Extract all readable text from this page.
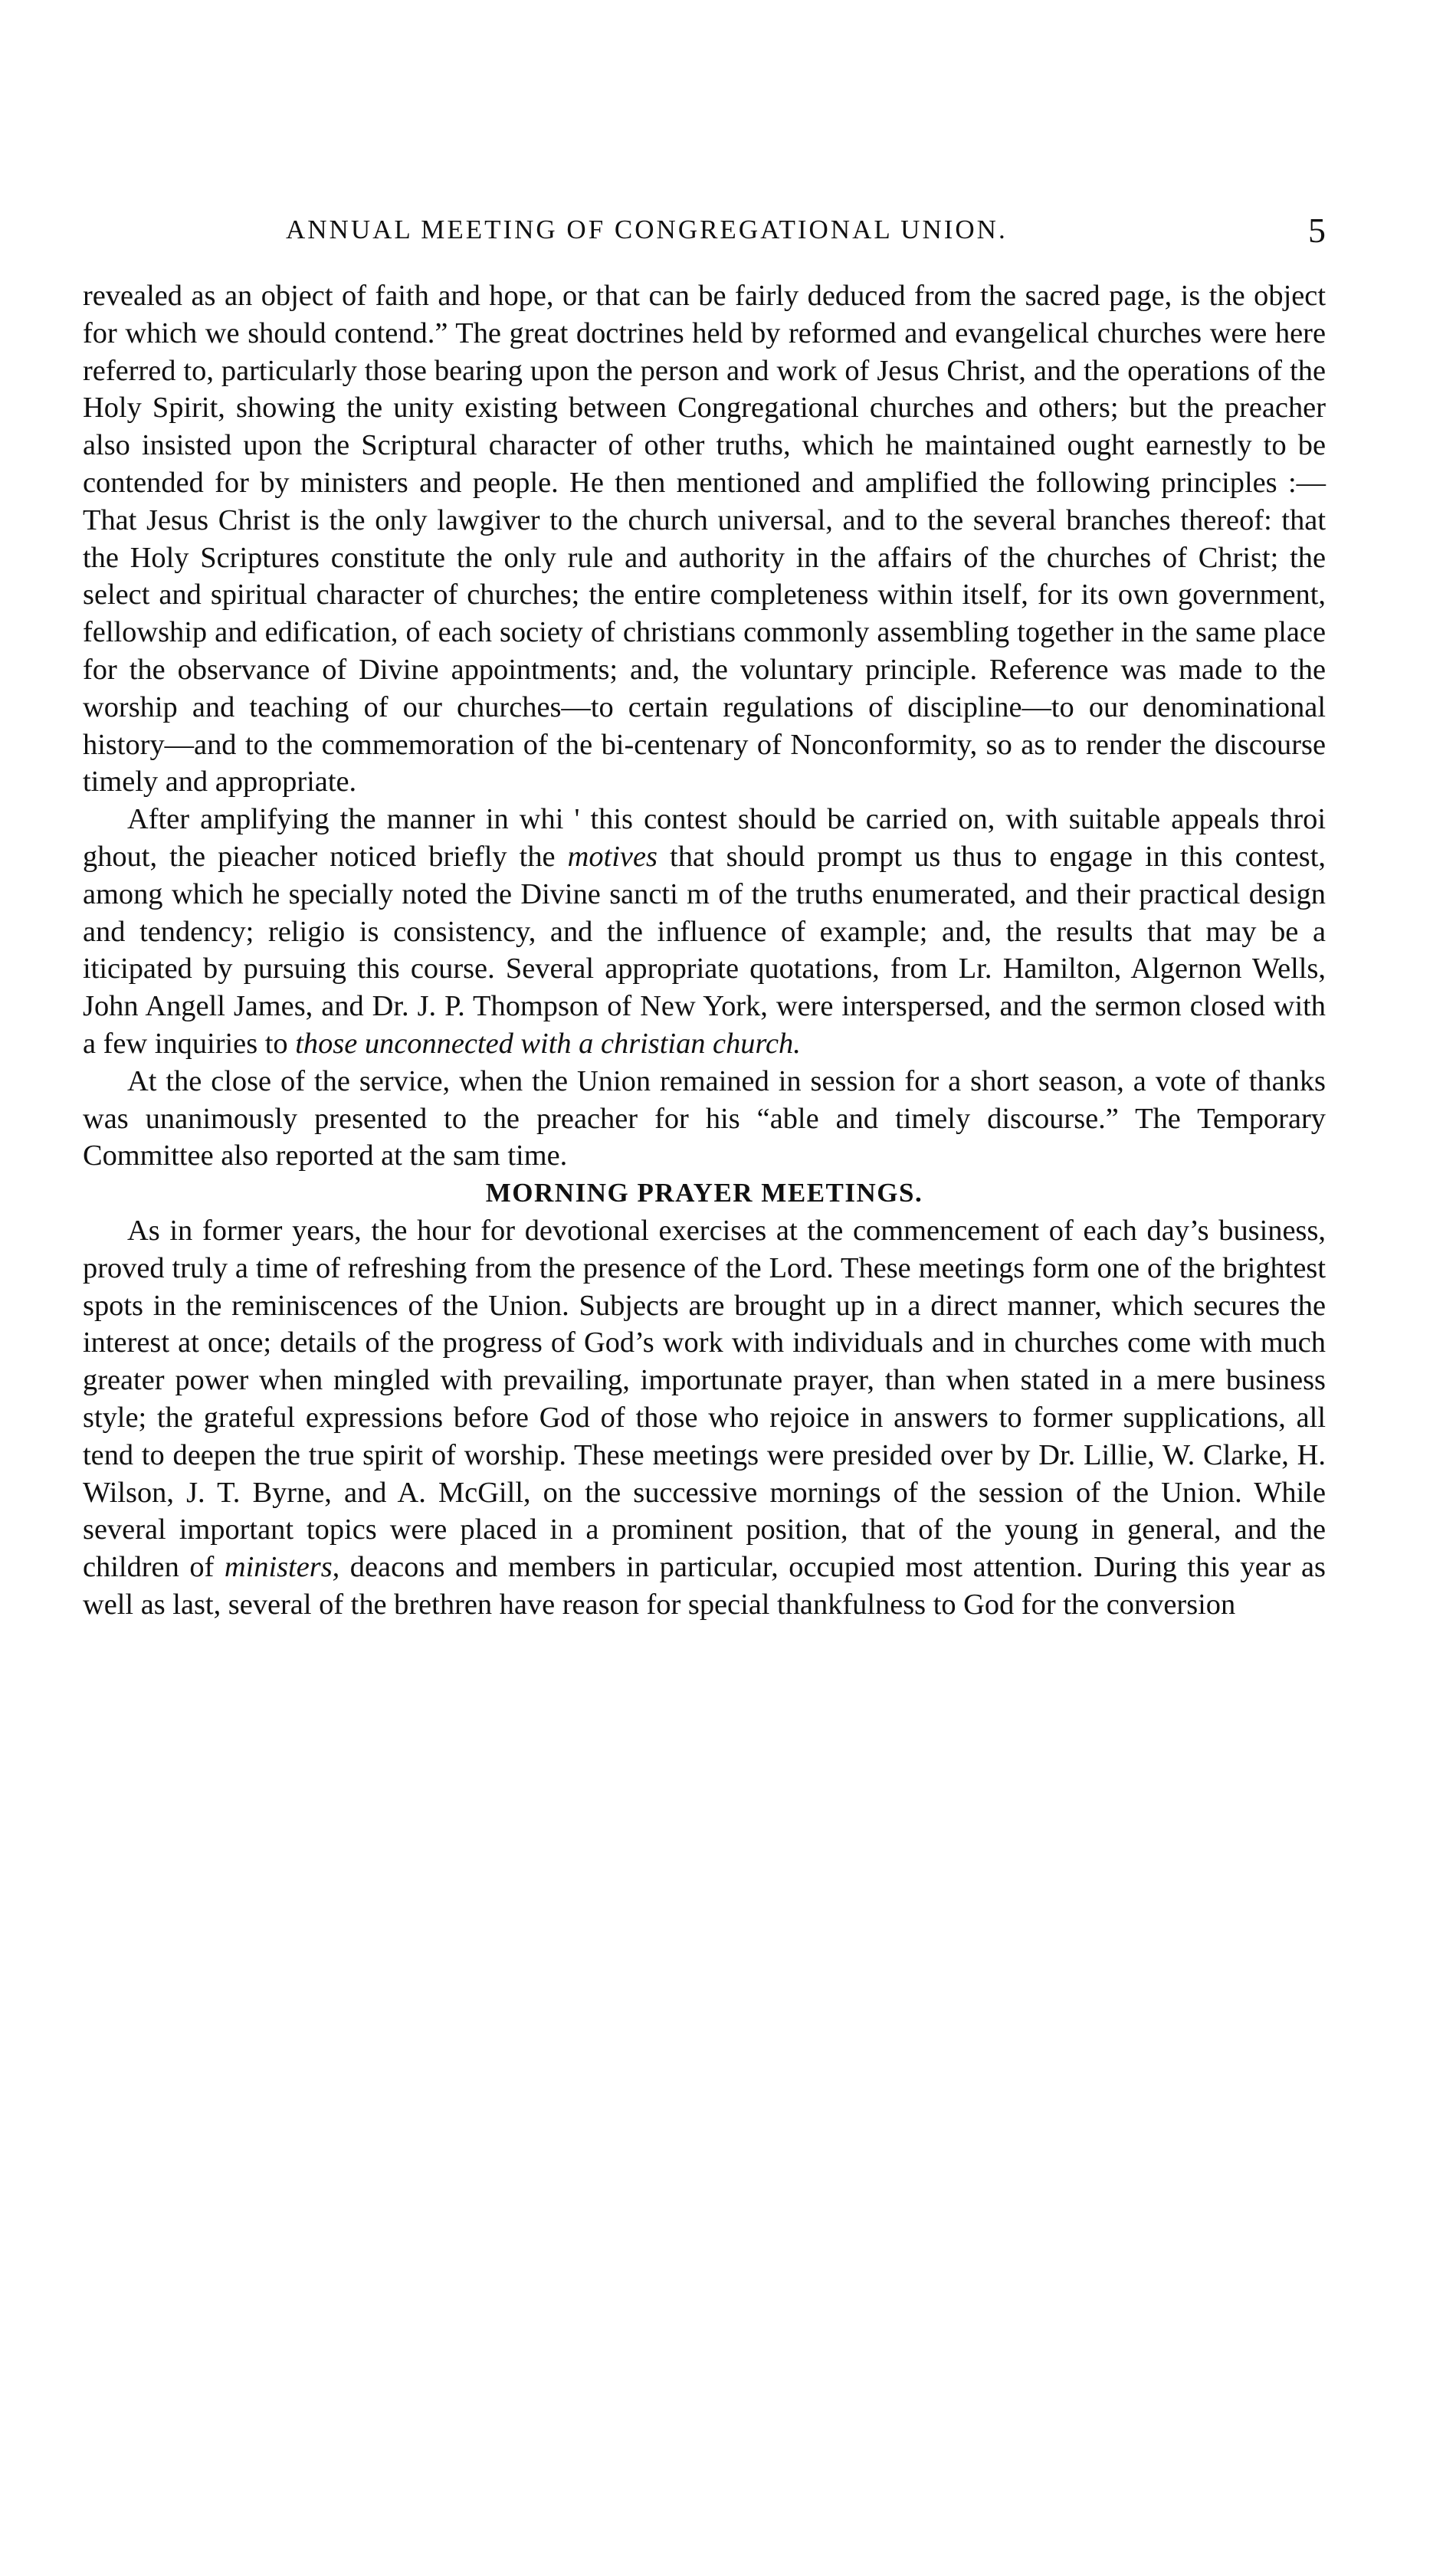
ANNUAL MEETING OF CONGREGATIONAL UNION.	5

revealed as an object of faith and hope, or that can be fairly deduced from the sacred page, is the object for which we should contend.” The great doctrines held by reformed and evangelical churches were here referred to, particularly those bearing upon the person and work of Jesus Christ, and the operations of the Holy Spirit, showing the unity existing between Congregational churches and others; but the preacher also insisted upon the Scriptural character of other truths, which he maintained ought earnestly to be contended for by ministers and people. He then mentioned and amplified the following principles :—That Jesus Christ is the only lawgiver to the church universal, and to the several branches thereof: that the Holy Scriptures constitute the only rule and authority in the affairs of the churches of Christ; the select and spiritual character of churches; the entire completeness within itself, for its own government, fellowship and edification, of each society of christians commonly assembling together in the same place for the observance of Divine appointments; and, the voluntary principle. Reference was made to the worship and teaching of our churches—to certain regulations of discipline—to our denominational history—and to the commemoration of the bi-centenary of Nonconformity, so as to render the discourse timely and appropriate.

After amplifying the manner in whi ' this contest should be carried on, with suitable appeals throi ghout, the pieacher noticed briefly the motives that should prompt us thus to engage in this contest, among which he specially noted the Divine sancti m of the truths enumerated, and their practical design and tendency; religio is consistency, and the influence of example; and, the results that may be a iticipated by pursuing this course. Several appropriate quotations, from Lr. Hamilton, Algernon Wells, John Angell James, and Dr. J. P. Thompson of New York, were interspersed, and the sermon closed with a few inquiries to those unconnected with a christian church.

At the close of the service, when the Union remained in session for a short season, a vote of thanks was unanimously presented to the preacher for his “able and timely discourse.” The Temporary Committee also reported at the sam time.

MORNING PRAYER MEETINGS.

As in former years, the hour for devotional exercises at the commencement of each day’s business, proved truly a time of refreshing from the presence of the Lord. These meetings form one of the brightest spots in the reminiscences of the Union. Subjects are brought up in a direct manner, which secures the interest at once; details of the progress of God’s work with individuals and in churches come with much greater power when mingled with prevailing, importunate prayer, than when stated in a mere business style; the grateful expressions before God of those who rejoice in answers to former supplications, all tend to deepen the true spirit of worship. These meetings were presided over by Dr. Lillie, W. Clarke, H. Wilson, J. T. Byrne, and A. McGill, on the successive mornings of the session of the Union. While several important topics were placed in a prominent position, that of the young in general, and the children of ministers, deacons and members in particular, occupied most attention. During this year as well as last, several of the brethren have reason for special thankfulness to God for the conversion
